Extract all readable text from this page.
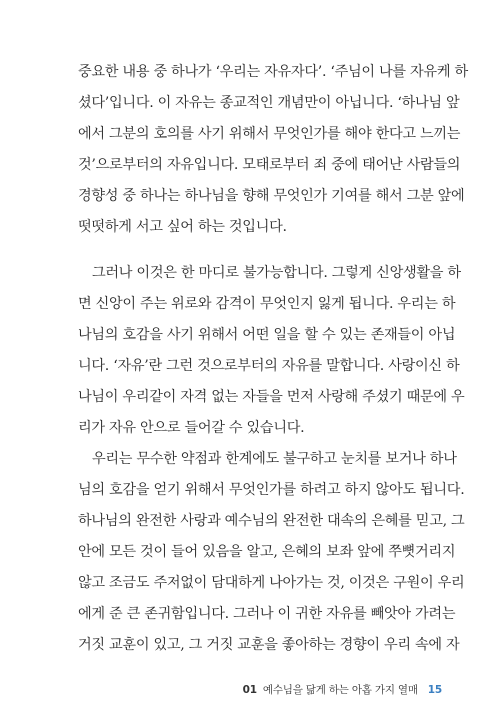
중요한 내용 중 하나가 ‘우리는 자유자다’. ‘주님이 나를 자유케 하
셨다’입니다. 이 자유는 종교적인 개념만이 아닙니다. ‘하나님 앞
에서 그분의 호의를 사기 위해서 무엇인가를 해야 한다고 느끼는
것’으로부터의 자유입니다. 모태로부터 죄 중에 태어난 사람들의
경향성 중 하나는 하나님을 향해 무엇인가 기여를 해서 그분 앞에
떳떳하게 서고 싶어 하는 것입니다.
그러나 이것은 한 마디로 불가능합니다. 그렇게 신앙생활을 하
면 신앙이 주는 위로와 감격이 무엇인지 잃게 됩니다. 우리는 하
나님의 호감을 사기 위해서 어떤 일을 할 수 있는 존재들이 아닙
니다. ‘자유’란 그런 것으로부터의 자유를 말합니다. 사랑이신 하
나님이 우리같이 자격 없는 자들을 먼저 사랑해 주셨기 때문에 우
리가 자유 안으로 들어갈 수 있습니다.
우리는 무수한 약점과 한계에도 불구하고 눈치를 보거나 하나
님의 호감을 얻기 위해서 무엇인가를 하려고 하지 않아도 됩니다.
하나님의 완전한 사랑과 예수님의 완전한 대속의 은혜를 믿고, 그
안에 모든 것이 들어 있음을 알고, 은혜의 보좌 앞에 쭈뼛거리지
않고 조금도 주저없이 담대하게 나아가는 것, 이것은 구원이 우리
에게 준 큰 존귀함입니다. 그러나 이 귀한 자유를 빼앗아 가려는
거짓 교훈이 있고, 그 거짓 교훈을 좋아하는 경향이 우리 속에 자
01 예수님을 닮게 하는 아홉 가지 열매 15
